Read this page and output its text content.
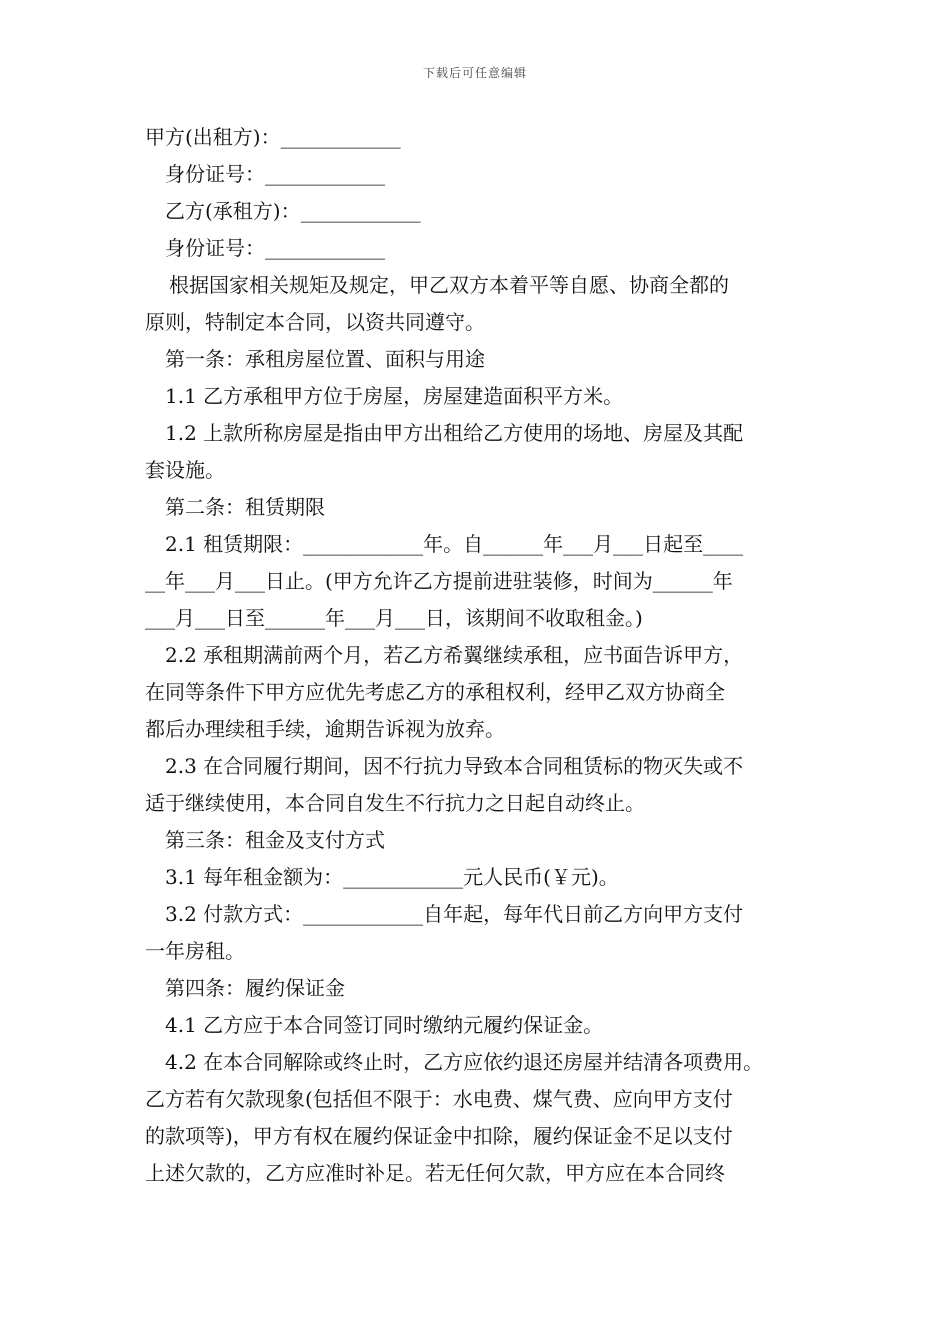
下载后可任意编辑
甲方(出租方)：____________
身份证号：____________
乙方(承租方)：____________
身份证号：____________
根据国家相关规矩及规定，甲乙双方本着平等自愿、协商全都的
原则，特制定本合同，以资共同遵守。
第一条：承租房屋位置、面积与用途
1.1 乙方承租甲方位于房屋，房屋建造面积平方米。
1.2 上款所称房屋是指由甲方出租给乙方使用的场地、房屋及其配
套设施。
第二条：租赁期限
2.1 租赁期限：____________年。自______年___月___日起至____
__年___月___日止。(甲方允许乙方提前进驻装修，时间为______年
___月___日至______年___月___日，该期间不收取租金。)
2.2 承租期满前两个月，若乙方希翼继续承租，应书面告诉甲方，
在同等条件下甲方应优先考虑乙方的承租权利，经甲乙双方协商全
都后办理续租手续，逾期告诉视为放弃。
2.3 在合同履行期间，因不行抗力导致本合同租赁标的物灭失或不
适于继续使用，本合同自发生不行抗力之日起自动终止。
第三条：租金及支付方式
3.1 每年租金额为：____________元人民币(￥元)。
3.2 付款方式：____________自年起，每年代日前乙方向甲方支付
一年房租。
第四条：履约保证金
4.1 乙方应于本合同签订同时缴纳元履约保证金。
4.2 在本合同解除或终止时，乙方应依约退还房屋并结清各项费用。
乙方若有欠款现象(包括但不限于：水电费、煤气费、应向甲方支付
的款项等)，甲方有权在履约保证金中扣除，履约保证金不足以支付
上述欠款的，乙方应准时补足。若无任何欠款，甲方应在本合同终
